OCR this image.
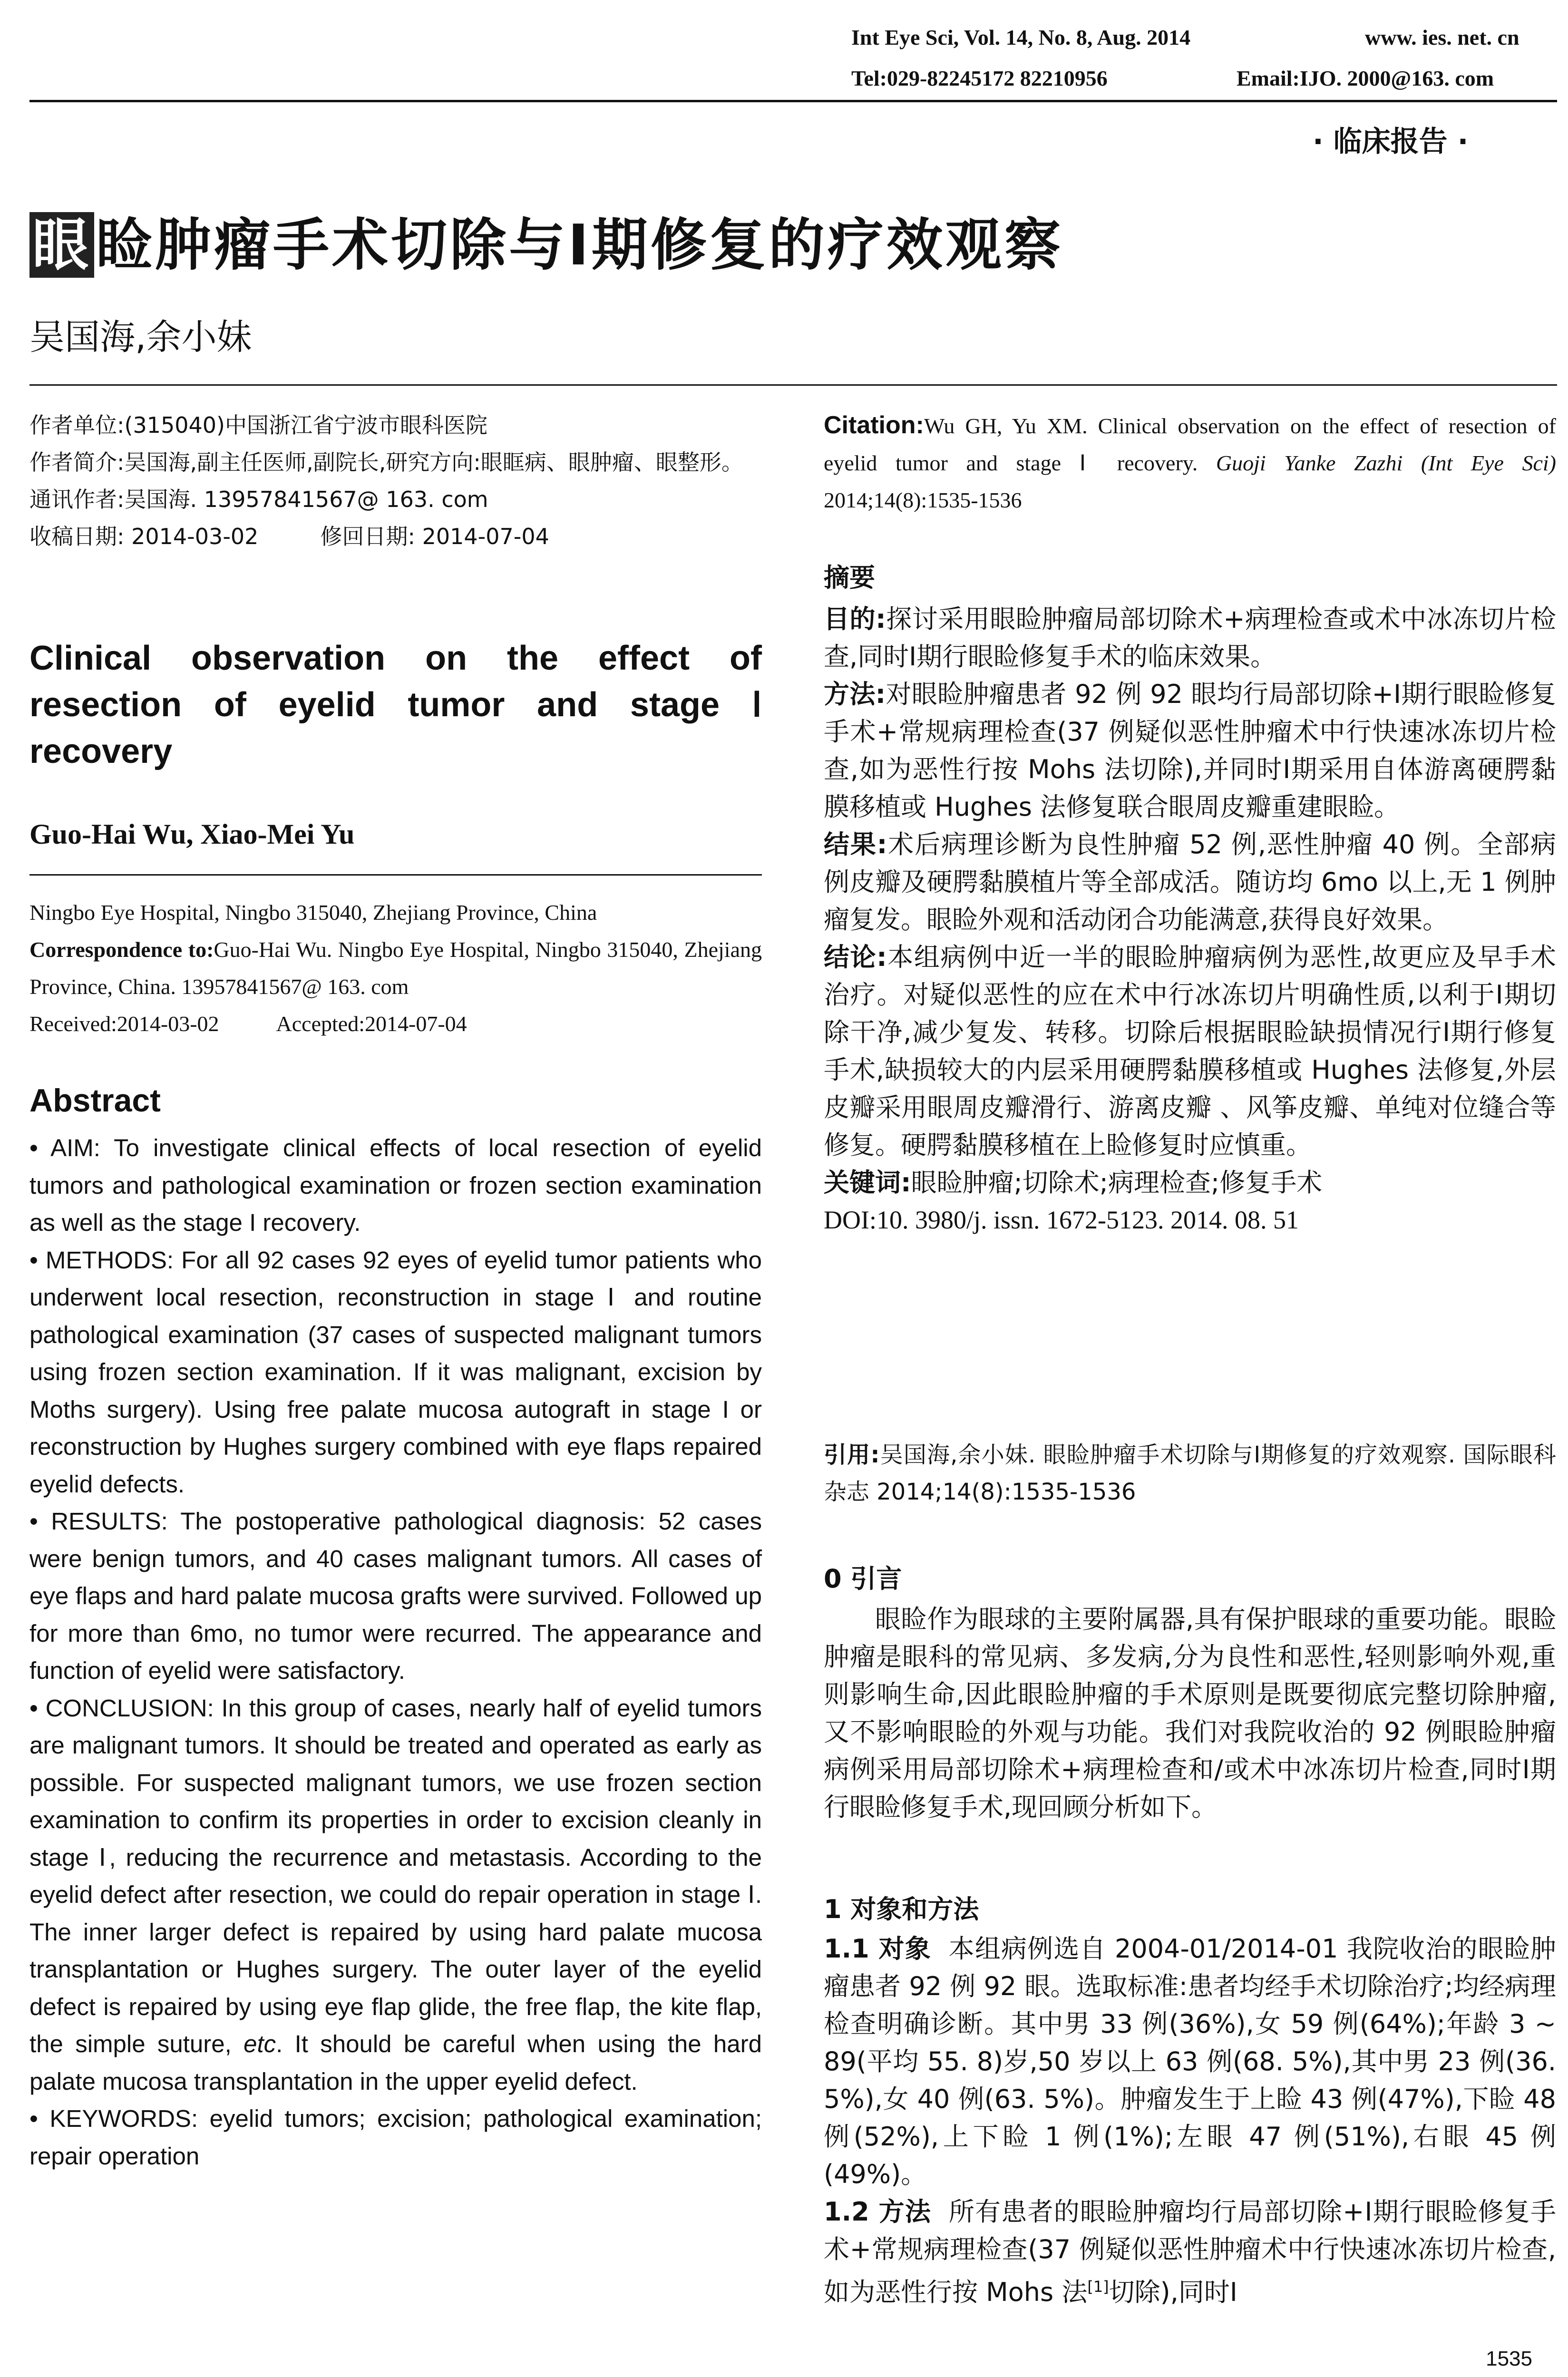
Int Eye Sci, Vol. 14, No. 8, Aug. 2014	www. ies. net. cn
Tel:029-82245172 82210956	Email:IJO. 2000@163. com
· 临床报告 ·
眼睑肿瘤手术切除与Ⅰ期修复的疗效观察
吴国海,余小妹

作者单位:(315040)中国浙江省宁波市眼科医院

作者简介:吴国海,副主任医师,副院长,研究方向:眼眶病、眼肿瘤、眼整形。

通讯作者:吴国海. 13957841567@ 163. com

收稿日期: 2014-03-02	修回日期: 2014-07-04

Clinical observation on the effect of resection of eyelid tumor and stage Ⅰ recovery
Guo-Hai Wu, Xiao-Mei Yu

Ningbo Eye Hospital, Ningbo 315040, Zhejiang Province, China

Correspondence to:Guo-Hai Wu. Ningbo Eye Hospital, Ningbo 315040, Zhejiang Province, China. 13957841567@ 163. com

Received:2014-03-02	Accepted:2014-07-04

Abstract

• AIM: To investigate clinical effects of local resection of eyelid tumors and pathological examination or frozen section examination as well as the stage I recovery.

• METHODS: For all 92 cases 92 eyes of eyelid tumor patients who underwent local resection, reconstruction in stage Ⅰ and routine pathological examination (37 cases of suspected malignant tumors using frozen section examination. If it was malignant, excision by Moths surgery). Using free palate mucosa autograft in stage I or reconstruction by Hughes surgery combined with eye flaps repaired eyelid defects.

• RESULTS: The postoperative pathological diagnosis: 52 cases were benign tumors, and 40 cases malignant tumors. All cases of eye flaps and hard palate mucosa grafts were survived. Followed up for more than 6mo, no tumor were recurred. The appearance and function of eyelid were satisfactory.

• CONCLUSION: In this group of cases, nearly half of eyelid tumors are malignant tumors. It should be treated and operated as early as possible. For suspected malignant tumors, we use frozen section examination to confirm its properties in order to excision cleanly in stage Ⅰ, reducing the recurrence and metastasis. According to the eyelid defect after resection, we could do repair operation in stage Ⅰ. The inner larger defect is repaired by using hard palate mucosa transplantation or Hughes surgery. The outer layer of the eyelid defect is repaired by using eye flap glide, the free flap, the kite flap, the simple suture, etc. It should be careful when using the hard palate mucosa transplantation in the upper eyelid defect.

• KEYWORDS: eyelid tumors; excision; pathological examination; repair operation

Citation:Wu GH, Yu XM. Clinical observation on the effect of resection of eyelid tumor and stage Ⅰ recovery. Guoji Yanke Zazhi (Int Eye Sci) 2014;14(8):1535-1536

摘要

目的:探讨采用眼睑肿瘤局部切除术+病理检查或术中冰冻切片检查,同时Ⅰ期行眼睑修复手术的临床效果。

方法:对眼睑肿瘤患者 92 例 92 眼均行局部切除+Ⅰ期行眼睑修复手术+常规病理检查(37 例疑似恶性肿瘤术中行快速冰冻切片检查,如为恶性行按 Mohs 法切除),并同时Ⅰ期采用自体游离硬腭黏膜移植或 Hughes 法修复联合眼周皮瓣重建眼睑。

结果:术后病理诊断为良性肿瘤 52 例,恶性肿瘤 40 例。全部病例皮瓣及硬腭黏膜植片等全部成活。随访均 6mo 以上,无 1 例肿瘤复发。眼睑外观和活动闭合功能满意,获得良好效果。

结论:本组病例中近一半的眼睑肿瘤病例为恶性,故更应及早手术治疗。对疑似恶性的应在术中行冰冻切片明确性质,以利于Ⅰ期切除干净,减少复发、转移。切除后根据眼睑缺损情况行Ⅰ期行修复手术,缺损较大的内层采用硬腭黏膜移植或 Hughes 法修复,外层皮瓣采用眼周皮瓣滑行、游离皮瓣 、风筝皮瓣、单纯对位缝合等修复。硬腭黏膜移植在上睑修复时应慎重。

关键词:眼睑肿瘤;切除术;病理检查;修复手术

DOI:10. 3980/j. issn. 1672-5123. 2014. 08. 51

引用:吴国海,余小妹. 眼睑肿瘤手术切除与Ⅰ期修复的疗效观察. 国际眼科杂志 2014;14(8):1535-1536
0 引言
眼睑作为眼球的主要附属器,具有保护眼球的重要功能。眼睑肿瘤是眼科的常见病、多发病,分为良性和恶性,轻则影响外观,重则影响生命,因此眼睑肿瘤的手术原则是既要彻底完整切除肿瘤,又不影响眼睑的外观与功能。我们对我院收治的 92 例眼睑肿瘤病例采用局部切除术+病理检查和/或术中冰冻切片检查,同时Ⅰ期行眼睑修复手术,现回顾分析如下。
1 对象和方法

1.1 对象 本组病例选自 2004-01/2014-01 我院收治的眼睑肿瘤患者 92 例 92 眼。选取标准:患者均经手术切除治疗;均经病理检查明确诊断。其中男 33 例(36%),女 59 例(64%);年龄 3 ~ 89(平均 55. 8)岁,50 岁以上 63 例(68. 5%),其中男 23 例(36. 5%),女 40 例(63. 5%)。肿瘤发生于上睑 43 例(47%),下睑 48 例(52%),上下睑 1 例(1%);左眼 47 例(51%),右眼 45 例(49%)。

1.2 方法 所有患者的眼睑肿瘤均行局部切除+Ⅰ期行眼睑修复手术+常规病理检查(37 例疑似恶性肿瘤术中行快速冰冻切片检查,如为恶性行按 Mohs 法[1]切除),同时Ⅰ

1535
